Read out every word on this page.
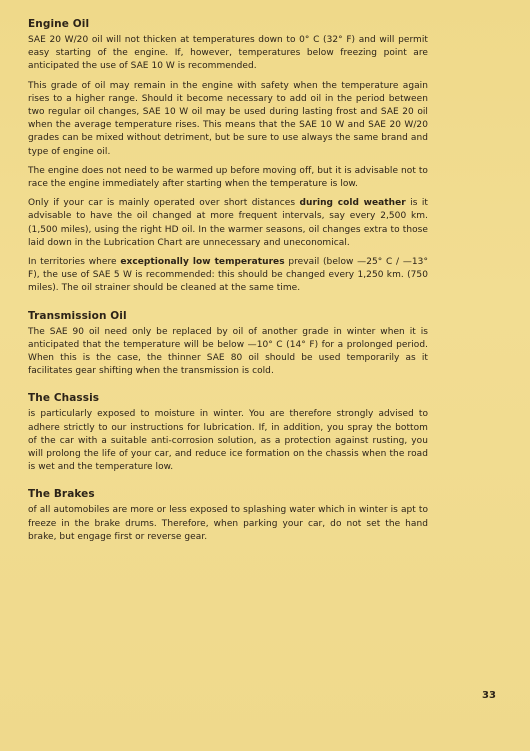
Engine Oil

SAE 20 W/20 oil will not thicken at temperatures down to 0° C (32° F) and will permit easy starting of the engine. If, however, temperatures below freezing point are anticipated the use of SAE 10 W is recommended.

This grade of oil may remain in the engine with safety when the temperature again rises to a higher range. Should it become necessary to add oil in the period between two regular oil changes, SAE 10 W oil may be used during lasting frost and SAE 20 oil when the average temperature rises. This means that the SAE 10 W and SAE 20 W/20 grades can be mixed without detriment, but be sure to use always the same brand and type of engine oil.

The engine does not need to be warmed up before moving off, but it is advisable not to race the engine immediately after starting when the temperature is low.

Only if your car is mainly operated over short distances during cold weather is it advisable to have the oil changed at more frequent intervals, say every 2,500 km. (1,500 miles), using the right HD oil. In the warmer seasons, oil changes extra to those laid down in the Lubrication Chart are unnecessary and uneconomical.

In territories where exceptionally low temperatures prevail (below —25° C / —13° F), the use of SAE 5 W is recommended: this should be changed every 1,250 km. (750 miles). The oil strainer should be cleaned at the same time.

Transmission Oil

The SAE 90 oil need only be replaced by oil of another grade in winter when it is anticipated that the temperature will be below —10° C (14° F) for a prolonged period. When this is the case, the thinner SAE 80 oil should be used temporarily as it facilitates gear shifting when the transmission is cold.

The Chassis

is particularly exposed to moisture in winter. You are therefore strongly advised to adhere strictly to our instructions for lubrication. If, in addition, you spray the bottom of the car with a suitable anti-corrosion solution, as a protection against rusting, you will prolong the life of your car, and reduce ice formation on the chassis when the road is wet and the temperature low.

The Brakes

of all automobiles are more or less exposed to splashing water which in winter is apt to freeze in the brake drums. Therefore, when parking your car, do not set the hand brake, but engage first or reverse gear.

33
